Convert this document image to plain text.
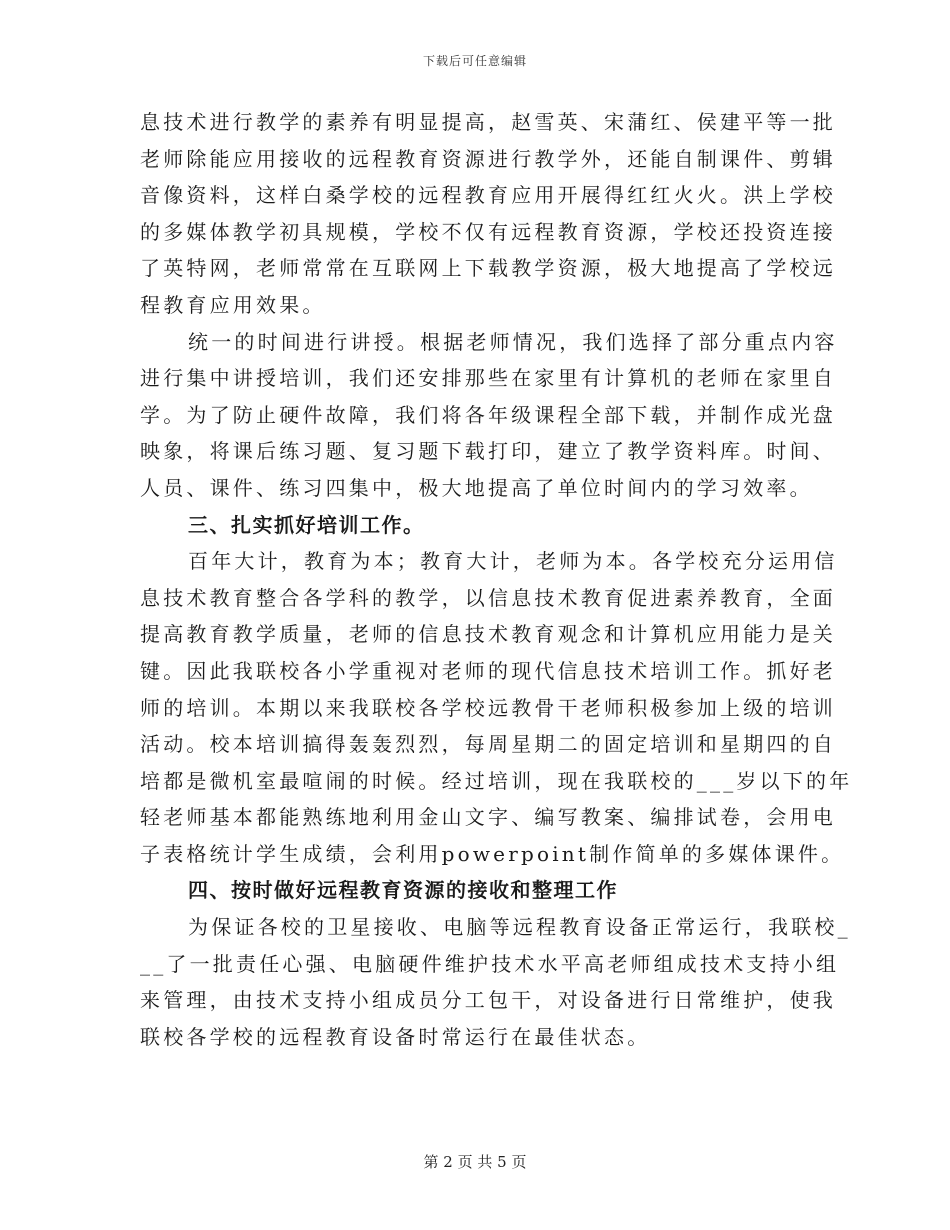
下载后可任意编辑
息技术进行教学的素养有明显提高，赵雪英、宋蒲红、侯建平等一批
老师除能应用接收的远程教育资源进行教学外，还能自制课件、剪辑
音像资料，这样白桑学校的远程教育应用开展得红红火火。洪上学校
的多媒体教学初具规模，学校不仅有远程教育资源，学校还投资连接
了英特网，老师常常在互联网上下载教学资源，极大地提高了学校远
程教育应用效果。
统一的时间进行讲授。根据老师情况，我们选择了部分重点内容
进行集中讲授培训，我们还安排那些在家里有计算机的老师在家里自
学。为了防止硬件故障，我们将各年级课程全部下载，并制作成光盘
映象，将课后练习题、复习题下载打印，建立了教学资料库。时间、
人员、课件、练习四集中，极大地提高了单位时间内的学习效率。
三、扎实抓好培训工作。
百年大计，教育为本；教育大计，老师为本。各学校充分运用信
息技术教育整合各学科的教学，以信息技术教育促进素养教育，全面
提高教育教学质量，老师的信息技术教育观念和计算机应用能力是关
键。因此我联校各小学重视对老师的现代信息技术培训工作。抓好老
师的培训。本期以来我联校各学校远教骨干老师积极参加上级的培训
活动。校本培训搞得轰轰烈烈，每周星期二的固定培训和星期四的自
培都是微机室最喧闹的时候。经过培训，现在我联校的___岁以下的年
轻老师基本都能熟练地利用金山文字、编写教案、编排试卷，会用电
子表格统计学生成绩，会利用powerpoint制作简单的多媒体课件。
四、按时做好远程教育资源的接收和整理工作
为保证各校的卫星接收、电脑等远程教育设备正常运行，我联校_
__了一批责任心强、电脑硬件维护技术水平高老师组成技术支持小组
来管理，由技术支持小组成员分工包干，对设备进行日常维护，使我
联校各学校的远程教育设备时常运行在最佳状态。
第 2 页 共 5 页
